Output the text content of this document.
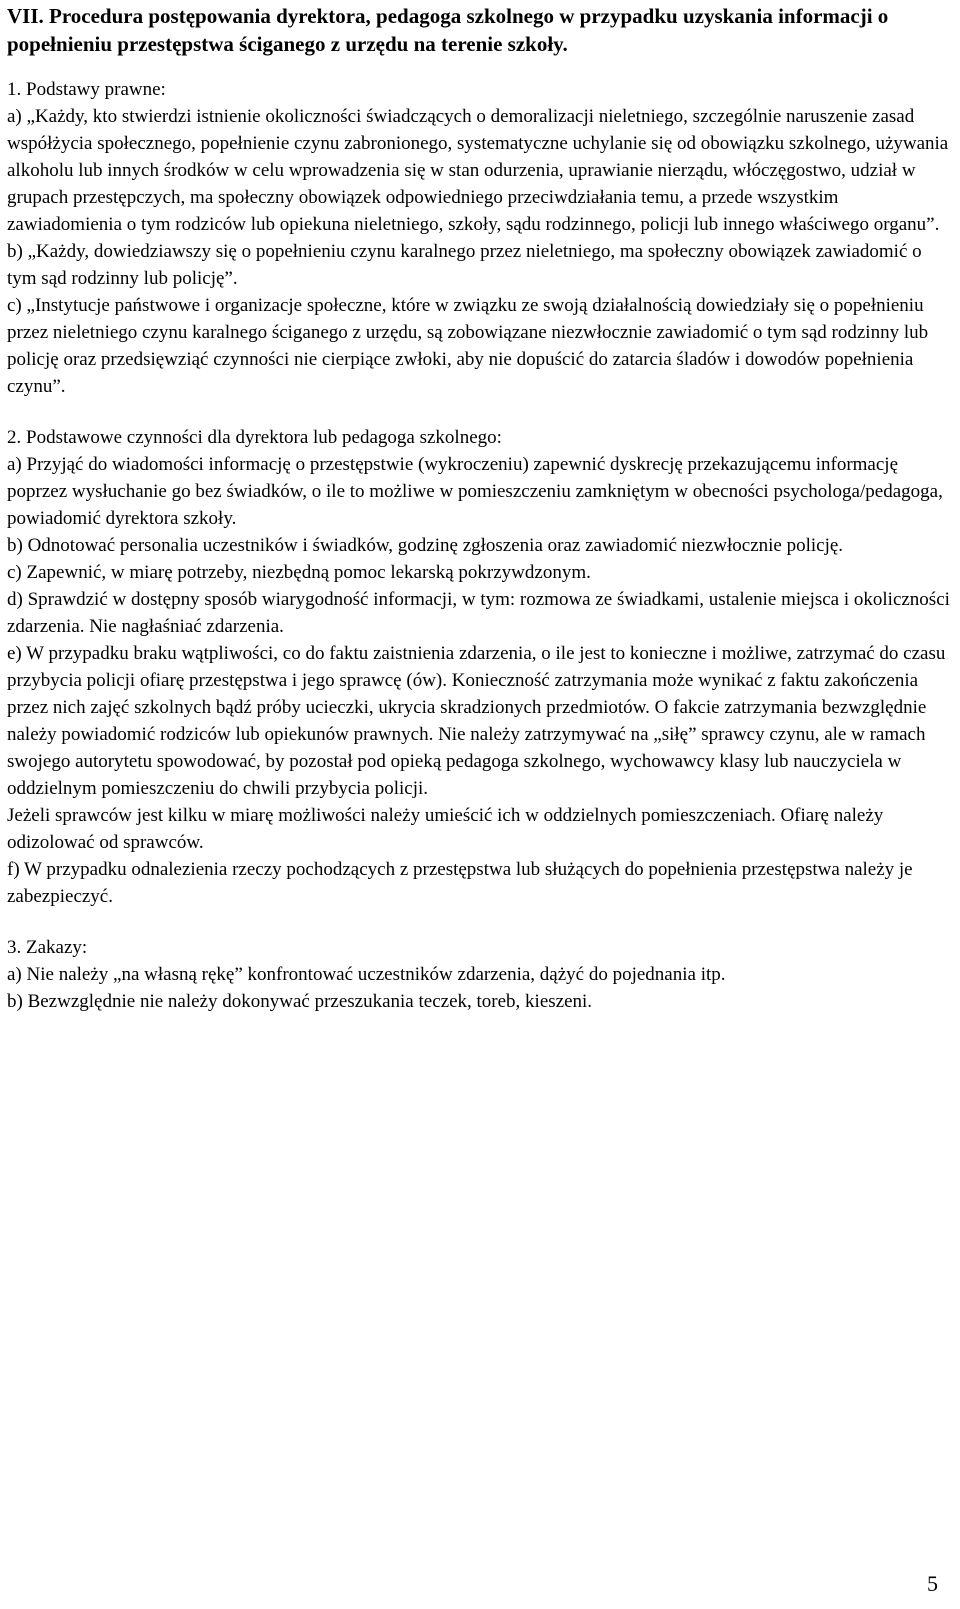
VII. Procedura postępowania dyrektora, pedagoga szkolnego w przypadku uzyskania informacji o popełnieniu przestępstwa ściganego z urzędu na terenie szkoły.

1. Podstawy prawne:

a) „Każdy, kto stwierdzi istnienie okoliczności świadczących o demoralizacji nieletniego, szczególnie naruszenie zasad współżycia społecznego, popełnienie czynu zabronionego, systematyczne uchylanie się od obowiązku szkolnego, używania alkoholu lub innych środków w celu wprowadzenia się w stan odurzenia, uprawianie nierządu, włóczęgostwo, udział w grupach przestępczych, ma społeczny obowiązek odpowiedniego przeciwdziałania temu, a przede wszystkim zawiadomienia o tym rodziców lub opiekuna nieletniego, szkoły, sądu rodzinnego, policji lub innego właściwego organu”.

b) „Każdy, dowiedziawszy się o popełnieniu czynu karalnego przez nieletniego, ma społeczny obowiązek zawiadomić o tym sąd rodzinny lub policję”.

c) „Instytucje państwowe i organizacje społeczne, które w związku ze swoją działalnością dowiedziały się o popełnieniu przez nieletniego czynu karalnego ściganego z urzędu, są zobowiązane niezwłocznie zawiadomić o tym sąd rodzinny lub policję oraz przedsięwziąć czynności nie cierpiące zwłoki, aby nie dopuścić do zatarcia śladów i dowodów popełnienia czynu”.

2. Podstawowe czynności dla dyrektora lub pedagoga szkolnego:

a) Przyjąć do wiadomości informację o przestępstwie (wykroczeniu) zapewnić dyskrecję przekazującemu informację poprzez wysłuchanie go bez świadków, o ile to możliwe w pomieszczeniu zamkniętym w obecności psychologa/pedagoga, powiadomić dyrektora szkoły.

b) Odnotować personalia uczestników i świadków, godzinę zgłoszenia oraz zawiadomić niezwłocznie policję.

c) Zapewnić, w miarę potrzeby, niezbędną pomoc lekarską pokrzywdzonym.

d) Sprawdzić w dostępny sposób wiarygodność informacji, w tym: rozmowa ze świadkami, ustalenie miejsca i okoliczności zdarzenia. Nie nagłaśniać zdarzenia.

e) W przypadku braku wątpliwości, co do faktu zaistnienia zdarzenia, o ile jest to konieczne i możliwe, zatrzymać do czasu przybycia policji ofiarę przestępstwa i jego sprawcę (ów). Konieczność zatrzymania może wynikać z faktu zakończenia przez nich zajęć szkolnych bądź próby ucieczki, ukrycia skradzionych przedmiotów. O fakcie zatrzymania bezwzględnie należy powiadomić rodziców lub opiekunów prawnych. Nie należy zatrzymywać na „siłę” sprawcy czynu, ale w ramach swojego autorytetu spowodować, by pozostał pod opieką pedagoga szkolnego, wychowawcy klasy lub nauczyciela w oddzielnym pomieszczeniu do chwili przybycia policji.

Jeżeli sprawców jest kilku w miarę możliwości należy umieścić ich w oddzielnych pomieszczeniach. Ofiarę należy odizolować od sprawców.

f) W przypadku odnalezienia rzeczy pochodzących z przestępstwa lub służących do popełnienia przestępstwa należy je zabezpieczyć.

3. Zakazy:

a) Nie należy „na własną rękę” konfrontować uczestników zdarzenia, dążyć do pojednania itp.

b) Bezwzględnie nie należy dokonywać przeszukania teczek, toreb, kieszeni.

5
